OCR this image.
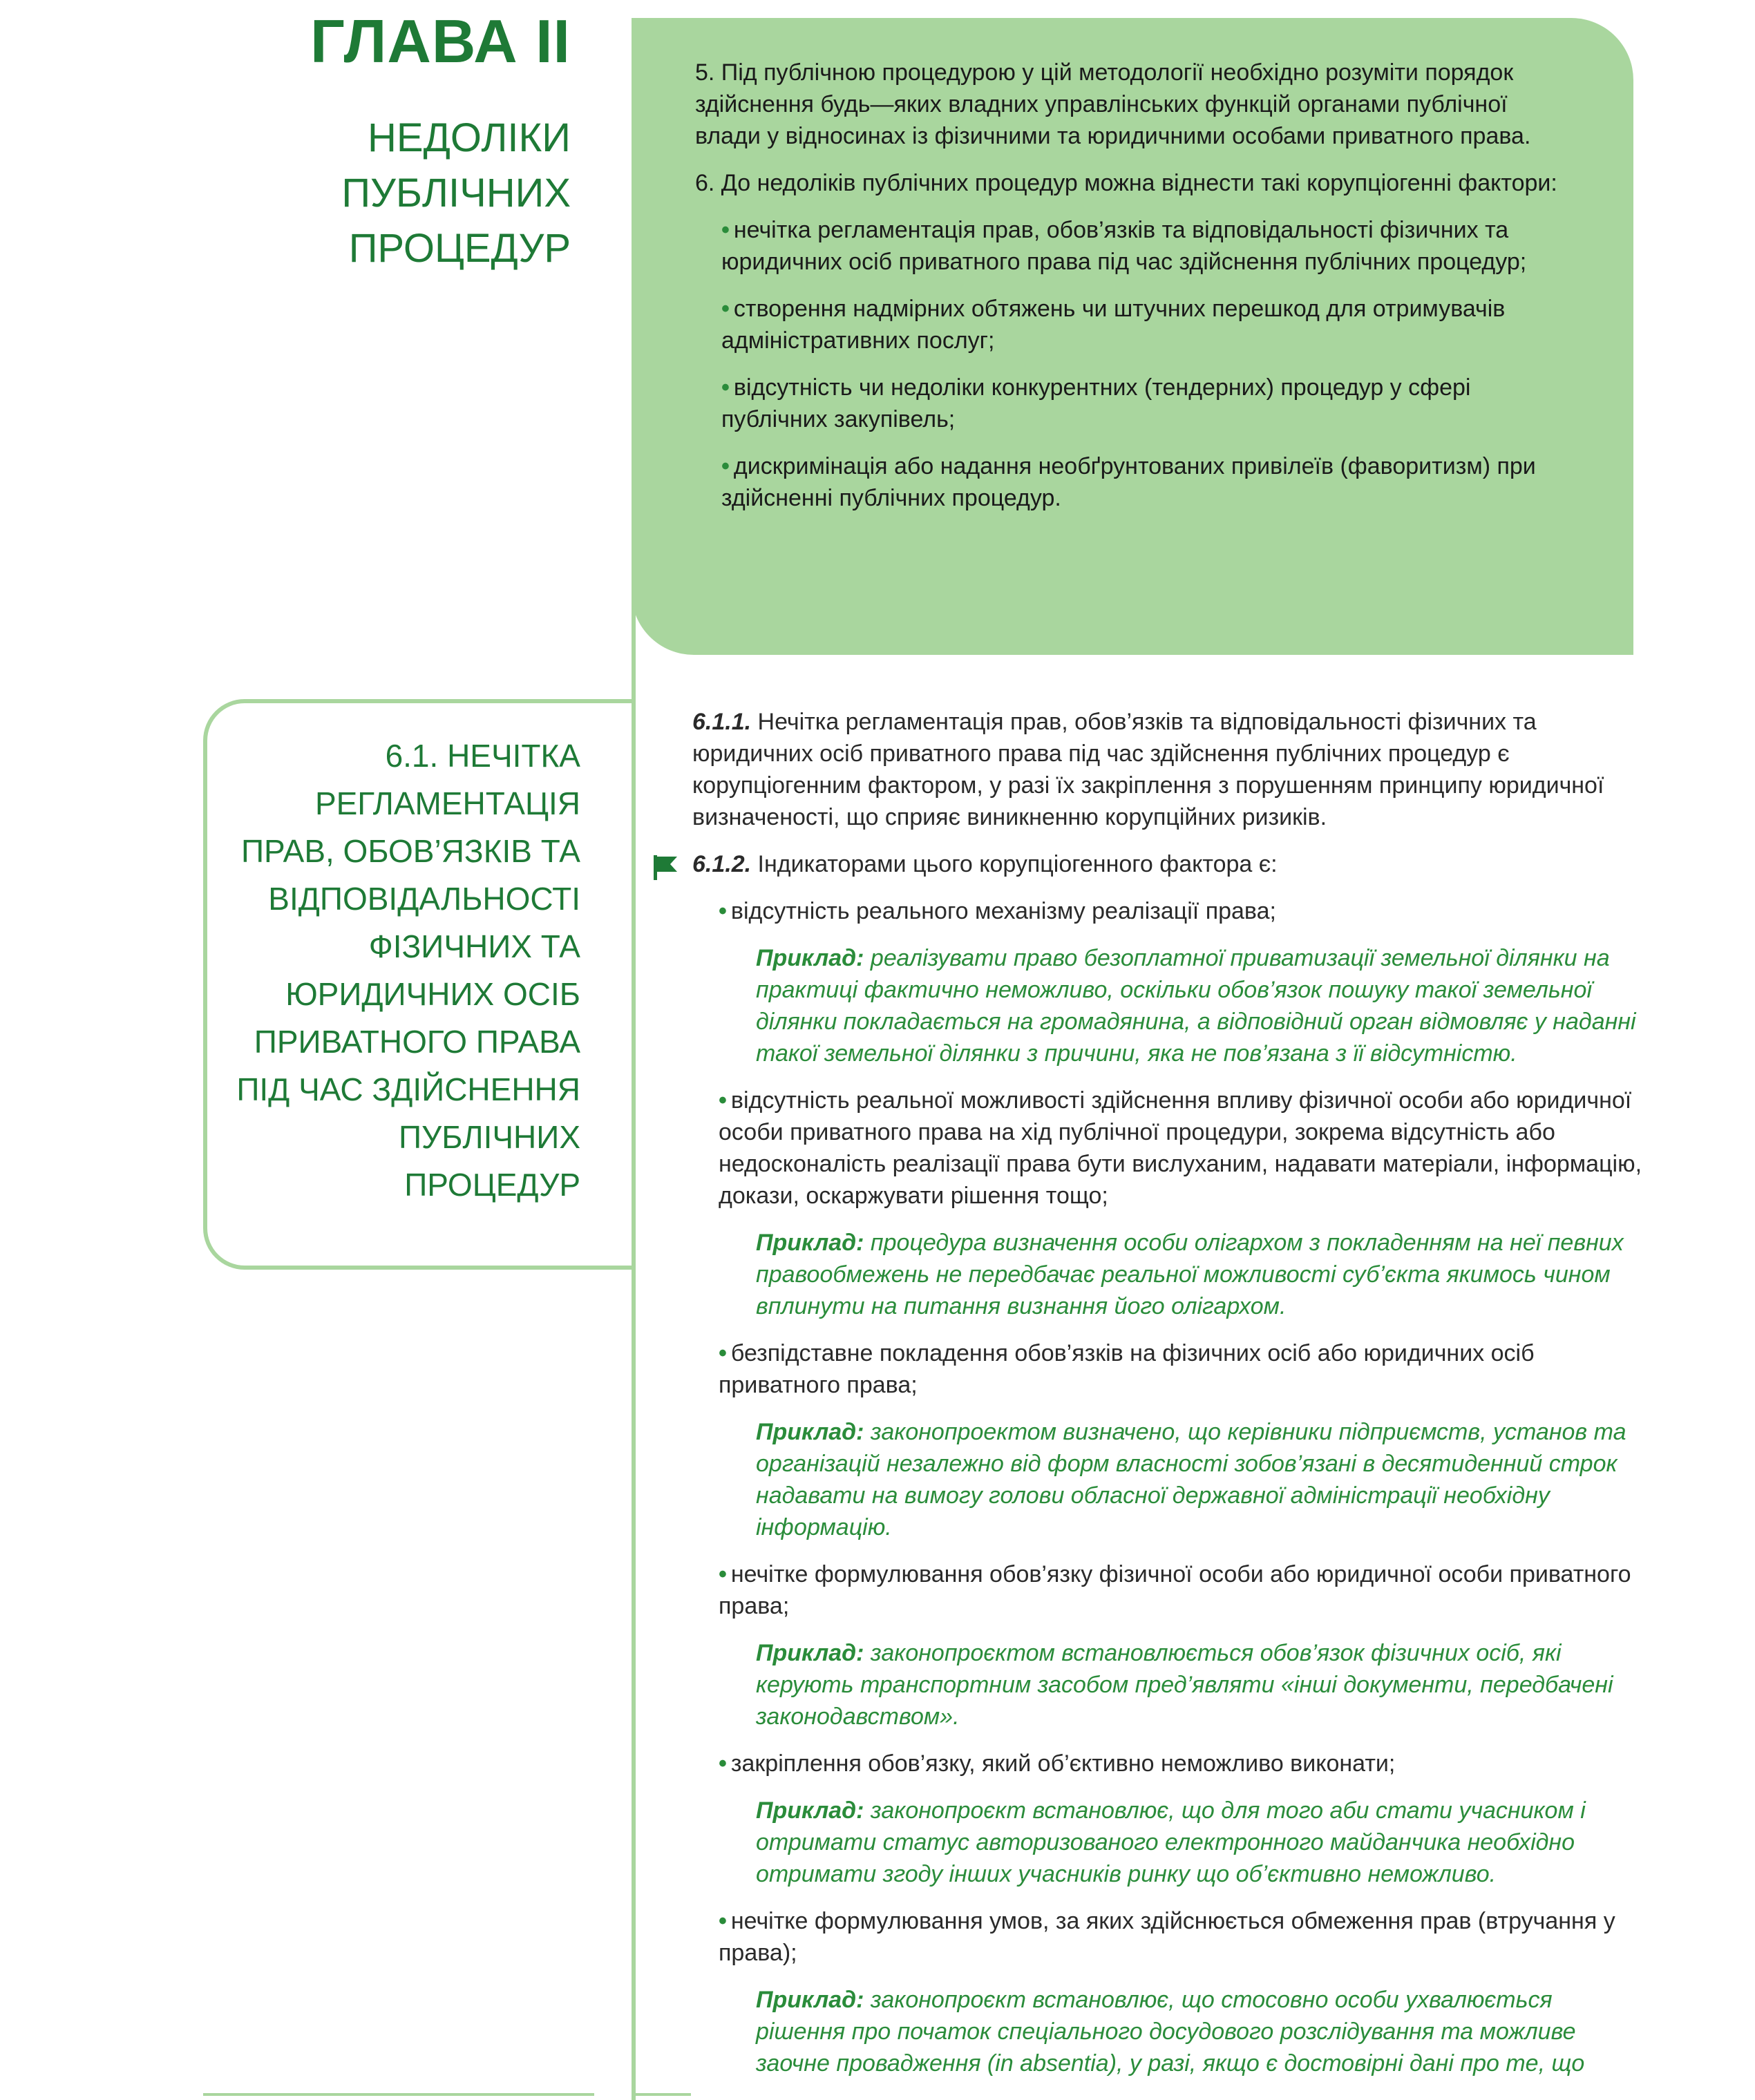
ГЛАВА II
НЕДОЛІКИ
ПУБЛІЧНИХ
ПРОЦЕДУР

5. Під публічною процедурою у цій методології необхідно розуміти порядок здійснення будь—яких владних управлінських функцій органами публічної влади у відносинах із фізичними та юридичними особами приватного права.

6. До недоліків публічних процедур можна віднести такі корупціогенні фактори:

• нечітка регламентація прав, обов’язків та відповідальності фізичних та юридичних осіб приватного права під час здійснення публічних процедур;
• створення надмірних обтяжень чи штучних перешкод для отримувачів адміністративних послуг;
• відсутність чи недоліки конкурентних (тендерних) процедур у сфері публічних закупівель;
• дискримінація або надання необґрунтованих привілеїв (фаворитизм) при здійсненні публічних процедур.
6.1. НЕЧІТКА РЕГЛАМЕНТАЦІЯ ПРАВ, ОБОВ’ЯЗКІВ ТА ВІДПОВІДАЛЬНОСТІ ФІЗИЧНИХ ТА ЮРИДИЧНИХ ОСІБ ПРИВАТНОГО ПРАВА ПІД ЧАС ЗДІЙСНЕННЯ ПУБЛІЧНИХ ПРОЦЕДУР

6.1.1. Нечітка регламентація прав, обов’язків та відповідальності фізичних та юридичних осіб приватного права під час здійснення публічних процедур є корупціогенним фактором, у разі їх закріплення з порушенням принципу юридичної визначеності, що сприяє виникненню корупційних ризиків.

6.1.2. Індикаторами цього корупціогенного фактора є:

• відсутність реального механізму реалізації права;

Приклад: реалізувати право безоплатної приватизації земельної ділянки на практиці фактично неможливо, оскільки обов’язок пошуку такої земельної ділянки покладається на громадянина, а відповідний орган відмовляє у наданні такої земельної ділянки з причини, яка не пов’язана з її відсутністю.

• відсутність реальної можливості здійснення впливу фізичної особи або юридичної особи приватного права на хід публічної процедури, зокрема відсутність або недосконалість реалізації права бути вислуханим, надавати матеріали, інформацію, докази, оскаржувати рішення тощо;

Приклад: процедура визначення особи олігархом з покладенням на неї певних правообмежень не передбачає реальної можливості суб’єкта якимось чином вплинути на питання визнання його олігархом.

• безпідставне покладення обов’язків на фізичних осіб або юридичних осіб приватного права;

Приклад: законопроектом визначено, що керівники підприємств, установ та організацій незалежно від форм власності зобов’язані в десятиденний строк надавати на вимогу голови обласної державної адміністрації необхідну інформацію.

• нечітке формулювання обов’язку фізичної особи або юридичної особи приватного права;

Приклад: законопроєктом встановлюється обов’язок фізичних осіб, які керують транспортним засобом пред’являти «інші документи, передбачені законодавством».

• закріплення обов’язку, який об’єктивно неможливо виконати;

Приклад: законопроєкт встановлює, що для того аби стати учасником і отримати статус авторизованого електронного майданчика необхідно отримати згоду інших учасників ринку що об’єктивно неможливо.

• нечітке формулювання умов, за яких здійснюється обмеження прав (втручання у права);

Приклад: законопроєкт встановлює, що стосовно особи ухвалюється рішення про початок спеціального досудового розслідування та можливе заочне провадження (in absentia), у разі, якщо є достовірні дані про те, що
